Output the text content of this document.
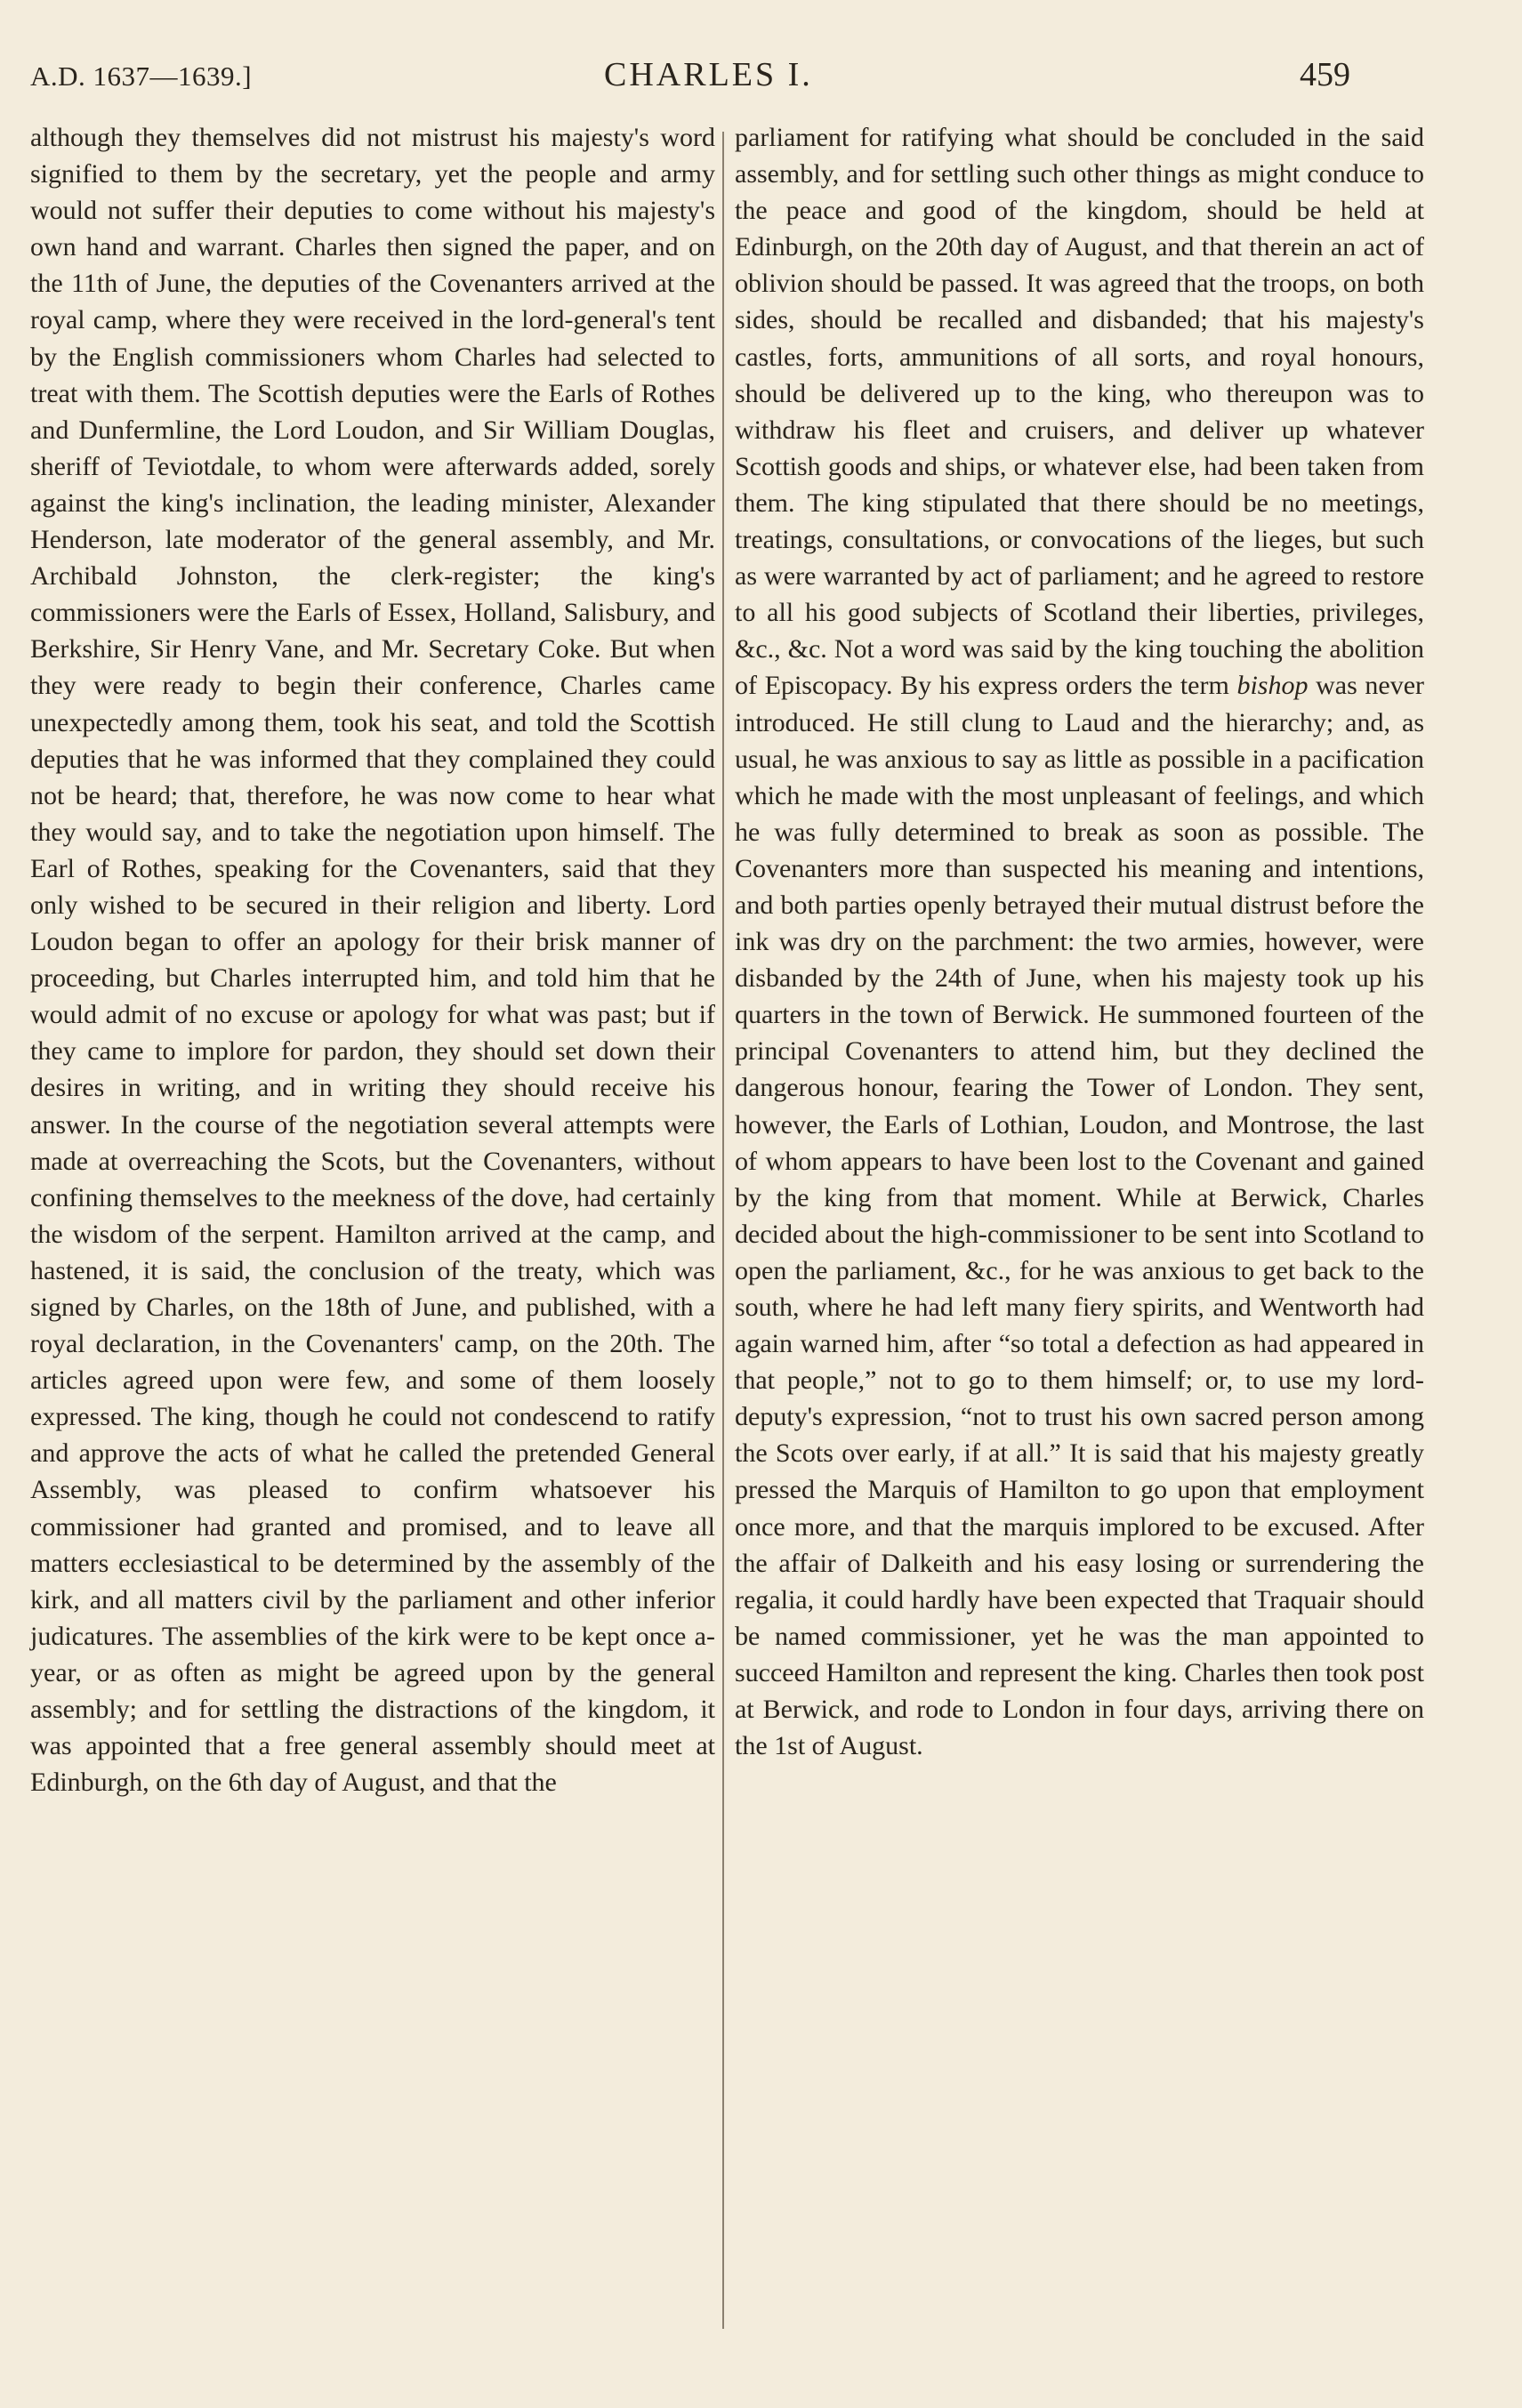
A.D. 1637—1639.]	CHARLES I.	459

although they themselves did not mistrust his majesty's word signified to them by the secretary, yet the people and army would not suffer their deputies to come without his majesty's own hand and warrant. Charles then signed the paper, and on the 11th of June, the deputies of the Covenanters arrived at the royal camp, where they were received in the lord-general's tent by the English commissioners whom Charles had selected to treat with them. The Scottish deputies were the Earls of Rothes and Dunfermline, the Lord Loudon, and Sir William Douglas, sheriff of Teviotdale, to whom were afterwards added, sorely against the king's inclination, the leading minister, Alexander Henderson, late moderator of the general assembly, and Mr. Archibald Johnston, the clerk-register; the king's commissioners were the Earls of Essex, Holland, Salisbury, and Berkshire, Sir Henry Vane, and Mr. Secretary Coke. But when they were ready to begin their conference, Charles came unexpectedly among them, took his seat, and told the Scottish deputies that he was informed that they complained they could not be heard; that, therefore, he was now come to hear what they would say, and to take the negotiation upon himself. The Earl of Rothes, speaking for the Covenanters, said that they only wished to be secured in their religion and liberty. Lord Loudon began to offer an apology for their brisk manner of proceeding, but Charles interrupted him, and told him that he would admit of no excuse or apology for what was past; but if they came to implore for pardon, they should set down their desires in writing, and in writing they should receive his answer. In the course of the negotiation several attempts were made at overreaching the Scots, but the Covenanters, without confining themselves to the meekness of the dove, had certainly the wisdom of the serpent. Hamilton arrived at the camp, and hastened, it is said, the conclusion of the treaty, which was signed by Charles, on the 18th of June, and published, with a royal declaration, in the Covenanters' camp, on the 20th. The articles agreed upon were few, and some of them loosely expressed. The king, though he could not condescend to ratify and approve the acts of what he called the pretended General Assembly, was pleased to confirm whatsoever his commissioner had granted and promised, and to leave all matters ecclesiastical to be determined by the assembly of the kirk, and all matters civil by the parliament and other inferior judicatures. The assemblies of the kirk were to be kept once a-year, or as often as might be agreed upon by the general assembly; and for settling the distractions of the kingdom, it was appointed that a free general assembly should meet at Edinburgh, on the 6th day of August, and that the

parliament for ratifying what should be concluded in the said assembly, and for settling such other things as might conduce to the peace and good of the kingdom, should be held at Edinburgh, on the 20th day of August, and that therein an act of oblivion should be passed. It was agreed that the troops, on both sides, should be recalled and disbanded; that his majesty's castles, forts, ammunitions of all sorts, and royal honours, should be delivered up to the king, who thereupon was to withdraw his fleet and cruisers, and deliver up whatever Scottish goods and ships, or whatever else, had been taken from them. The king stipulated that there should be no meetings, treatings, consultations, or convocations of the lieges, but such as were warranted by act of parliament; and he agreed to restore to all his good subjects of Scotland their liberties, privileges, &c., &c. Not a word was said by the king touching the abolition of Episcopacy. By his express orders the term bishop was never introduced. He still clung to Laud and the hierarchy; and, as usual, he was anxious to say as little as possible in a pacification which he made with the most unpleasant of feelings, and which he was fully determined to break as soon as possible. The Covenanters more than suspected his meaning and intentions, and both parties openly betrayed their mutual distrust before the ink was dry on the parchment: the two armies, however, were disbanded by the 24th of June, when his majesty took up his quarters in the town of Berwick. He summoned fourteen of the principal Covenanters to attend him, but they declined the dangerous honour, fearing the Tower of London. They sent, however, the Earls of Lothian, Loudon, and Montrose, the last of whom appears to have been lost to the Covenant and gained by the king from that moment. While at Berwick, Charles decided about the high-commissioner to be sent into Scotland to open the parliament, &c., for he was anxious to get back to the south, where he had left many fiery spirits, and Wentworth had again warned him, after “so total a defection as had appeared in that people,” not to go to them himself; or, to use my lord-deputy's expression, “not to trust his own sacred person among the Scots over early, if at all.” It is said that his majesty greatly pressed the Marquis of Hamilton to go upon that employment once more, and that the marquis implored to be excused. After the affair of Dalkeith and his easy losing or surrendering the regalia, it could hardly have been expected that Traquair should be named commissioner, yet he was the man appointed to succeed Hamilton and represent the king. Charles then took post at Berwick, and rode to London in four days, arriving there on the 1st of August.
